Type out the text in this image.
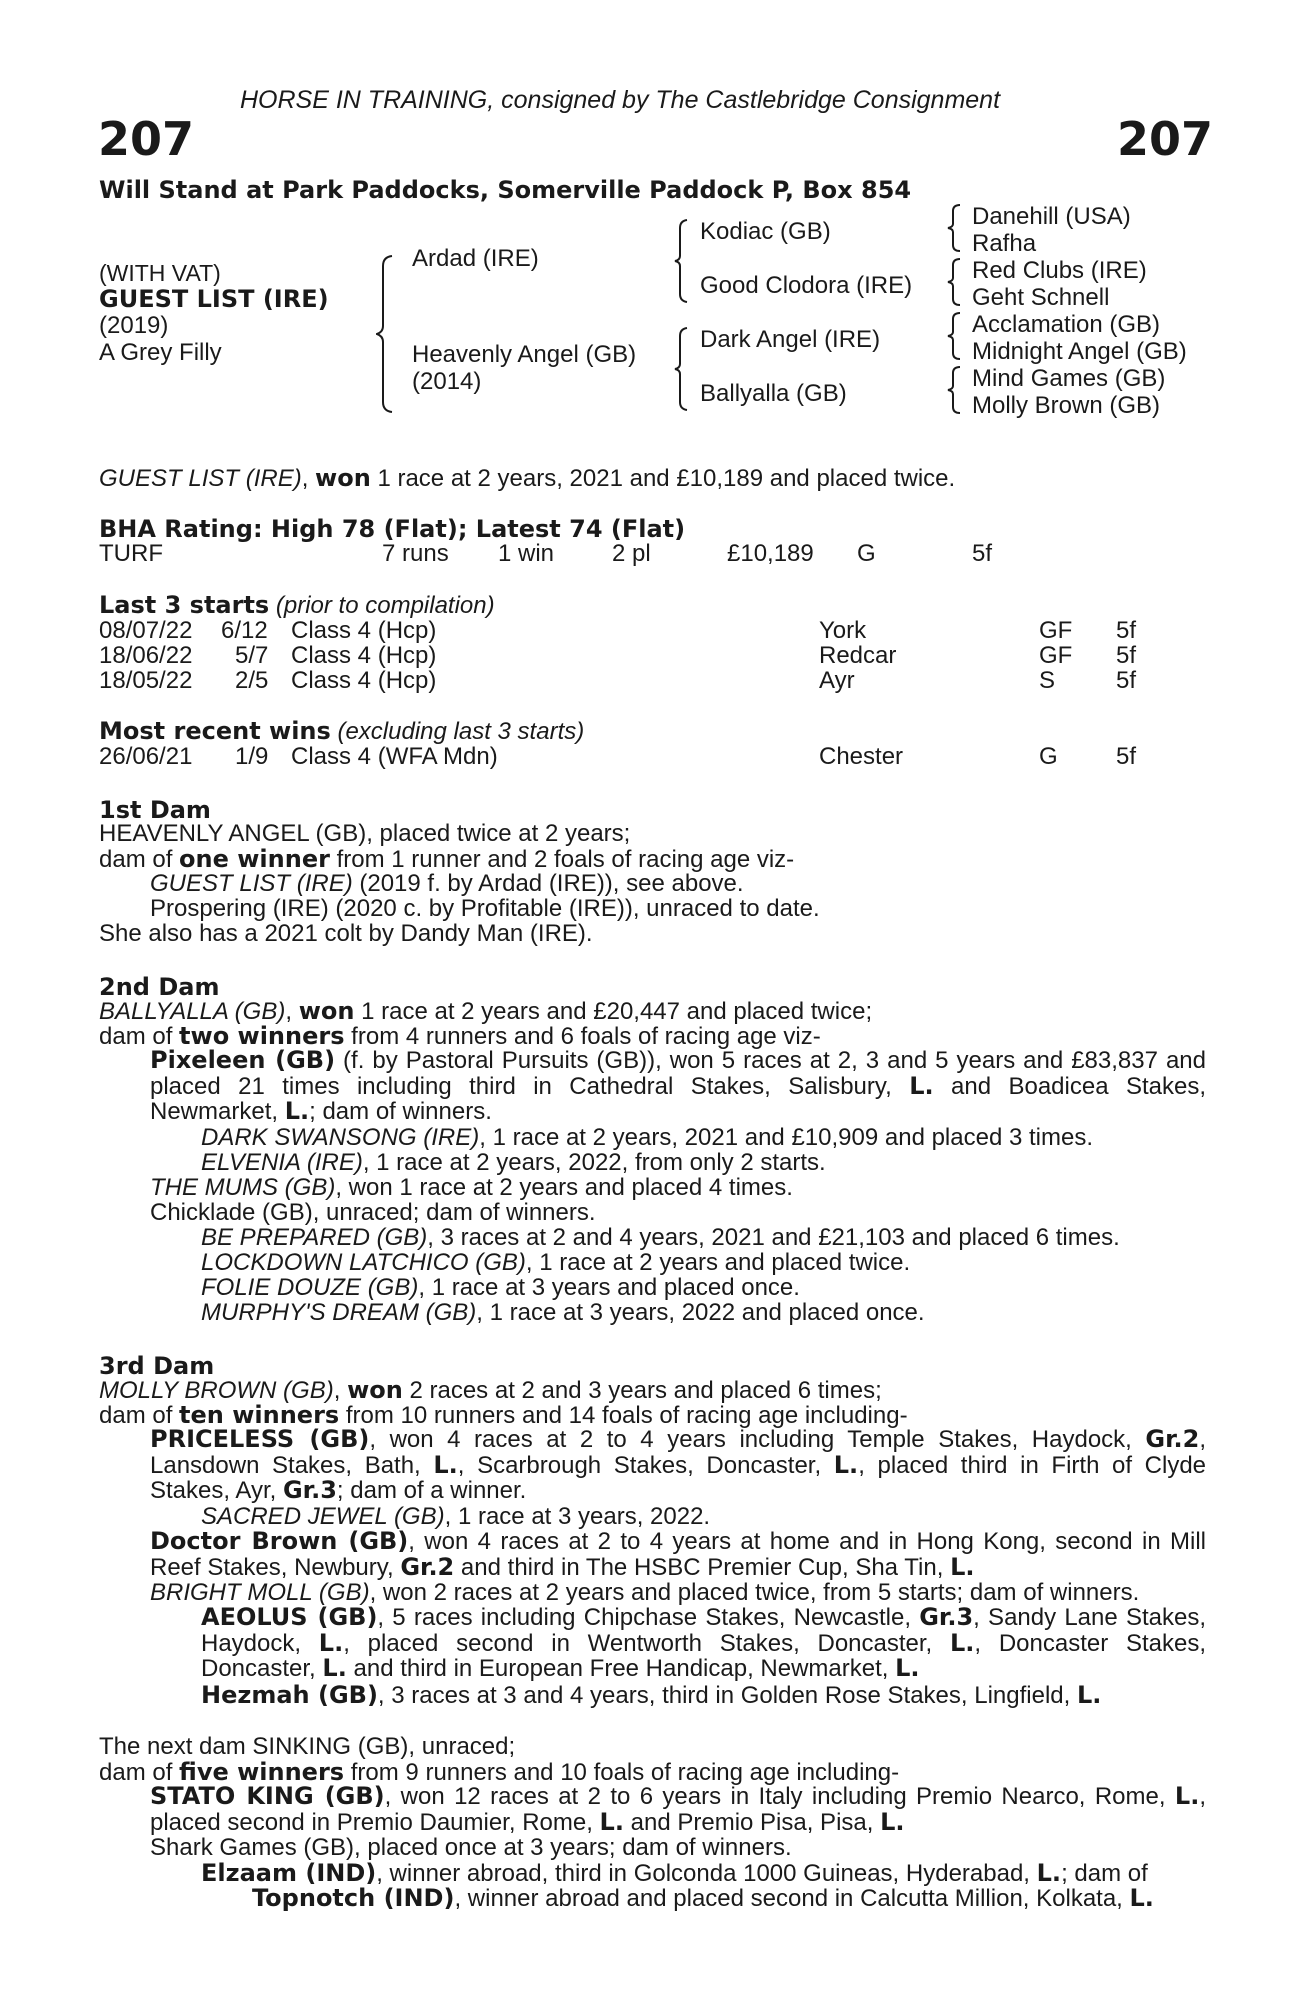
HORSE IN TRAINING, consigned by The Castlebridge Consignment
207	207
Will Stand at Park Paddocks, Somerville Paddock P, Box 854
(WITH VAT)
GUEST LIST (IRE)
(2019)
A Grey Filly
Ardad (IRE)
Heavenly Angel (GB)
(2014)
Kodiac (GB)
Good Clodora (IRE)
Dark Angel (IRE)
Ballyalla (GB)
Danehill (USA)
Rafha
Red Clubs (IRE)
Geht Schnell
Acclamation (GB)
Midnight Angel (GB)
Mind Games (GB)
Molly Brown (GB)
GUEST LIST (IRE), won 1 race at 2 years, 2021 and £10,189 and placed twice.
BHA Rating: High 78 (Flat); Latest 74 (Flat)
TURF	7 runs 1 win 2 pl	£10,189 G	5f
Last 3 starts (prior to compilation)
08/07/22 6/12 Class 4 (Hcp)	York	GF 5f
18/06/22 5/7 Class 4 (Hcp)	Redcar	GF 5f
18/05/22 2/5 Class 4 (Hcp)	Ayr	S	5f
Most recent wins (excluding last 3 starts)
26/06/21 1/9 Class 4 (WFA Mdn)	Chester	G 5f
1st Dam
HEAVENLY ANGEL (GB), placed twice at 2 years;
dam of one winner from 1 runner and 2 foals of racing age viz-
GUEST LIST (IRE) (2019 f. by Ardad (IRE)), see above.
Prospering (IRE) (2020 c. by Profitable (IRE)), unraced to date.
She also has a 2021 colt by Dandy Man (IRE).
2nd Dam
BALLYALLA (GB), won 1 race at 2 years and £20,447 and placed twice;
dam of two winners from 4 runners and 6 foals of racing age viz-
Pixeleen (GB) (f. by Pastoral Pursuits (GB)), won 5 races at 2, 3 and 5 years and £83,837 and placed 21 times including third in Cathedral Stakes, Salisbury, L. and Boadicea Stakes, Newmarket, L.; dam of winners.
DARK SWANSONG (IRE), 1 race at 2 years, 2021 and £10,909 and placed 3 times.
ELVENIA (IRE), 1 race at 2 years, 2022, from only 2 starts.
THE MUMS (GB), won 1 race at 2 years and placed 4 times.
Chicklade (GB), unraced; dam of winners.
BE PREPARED (GB), 3 races at 2 and 4 years, 2021 and £21,103 and placed 6 times.
LOCKDOWN LATCHICO (GB), 1 race at 2 years and placed twice.
FOLIE DOUZE (GB), 1 race at 3 years and placed once.
MURPHY'S DREAM (GB), 1 race at 3 years, 2022 and placed once.
3rd Dam
MOLLY BROWN (GB), won 2 races at 2 and 3 years and placed 6 times;
dam of ten winners from 10 runners and 14 foals of racing age including-
PRICELESS (GB), won 4 races at 2 to 4 years including Temple Stakes, Haydock, Gr.2, Lansdown Stakes, Bath, L., Scarbrough Stakes, Doncaster, L., placed third in Firth of Clyde Stakes, Ayr, Gr.3; dam of a winner.
SACRED JEWEL (GB), 1 race at 3 years, 2022.
Doctor Brown (GB), won 4 races at 2 to 4 years at home and in Hong Kong, second in Mill Reef Stakes, Newbury, Gr.2 and third in The HSBC Premier Cup, Sha Tin, L.
BRIGHT MOLL (GB), won 2 races at 2 years and placed twice, from 5 starts; dam of winners.
AEOLUS (GB), 5 races including Chipchase Stakes, Newcastle, Gr.3, Sandy Lane Stakes, Haydock, L., placed second in Wentworth Stakes, Doncaster, L., Doncaster Stakes, Doncaster, L. and third in European Free Handicap, Newmarket, L.
Hezmah (GB), 3 races at 3 and 4 years, third in Golden Rose Stakes, Lingfield, L.
The next dam SINKING (GB), unraced;
dam of five winners from 9 runners and 10 foals of racing age including-
STATO KING (GB), won 12 races at 2 to 6 years in Italy including Premio Nearco, Rome, L., placed second in Premio Daumier, Rome, L. and Premio Pisa, Pisa, L.
Shark Games (GB), placed once at 3 years; dam of winners.
Elzaam (IND), winner abroad, third in Golconda 1000 Guineas, Hyderabad, L.; dam of
Topnotch (IND), winner abroad and placed second in Calcutta Million, Kolkata, L.
